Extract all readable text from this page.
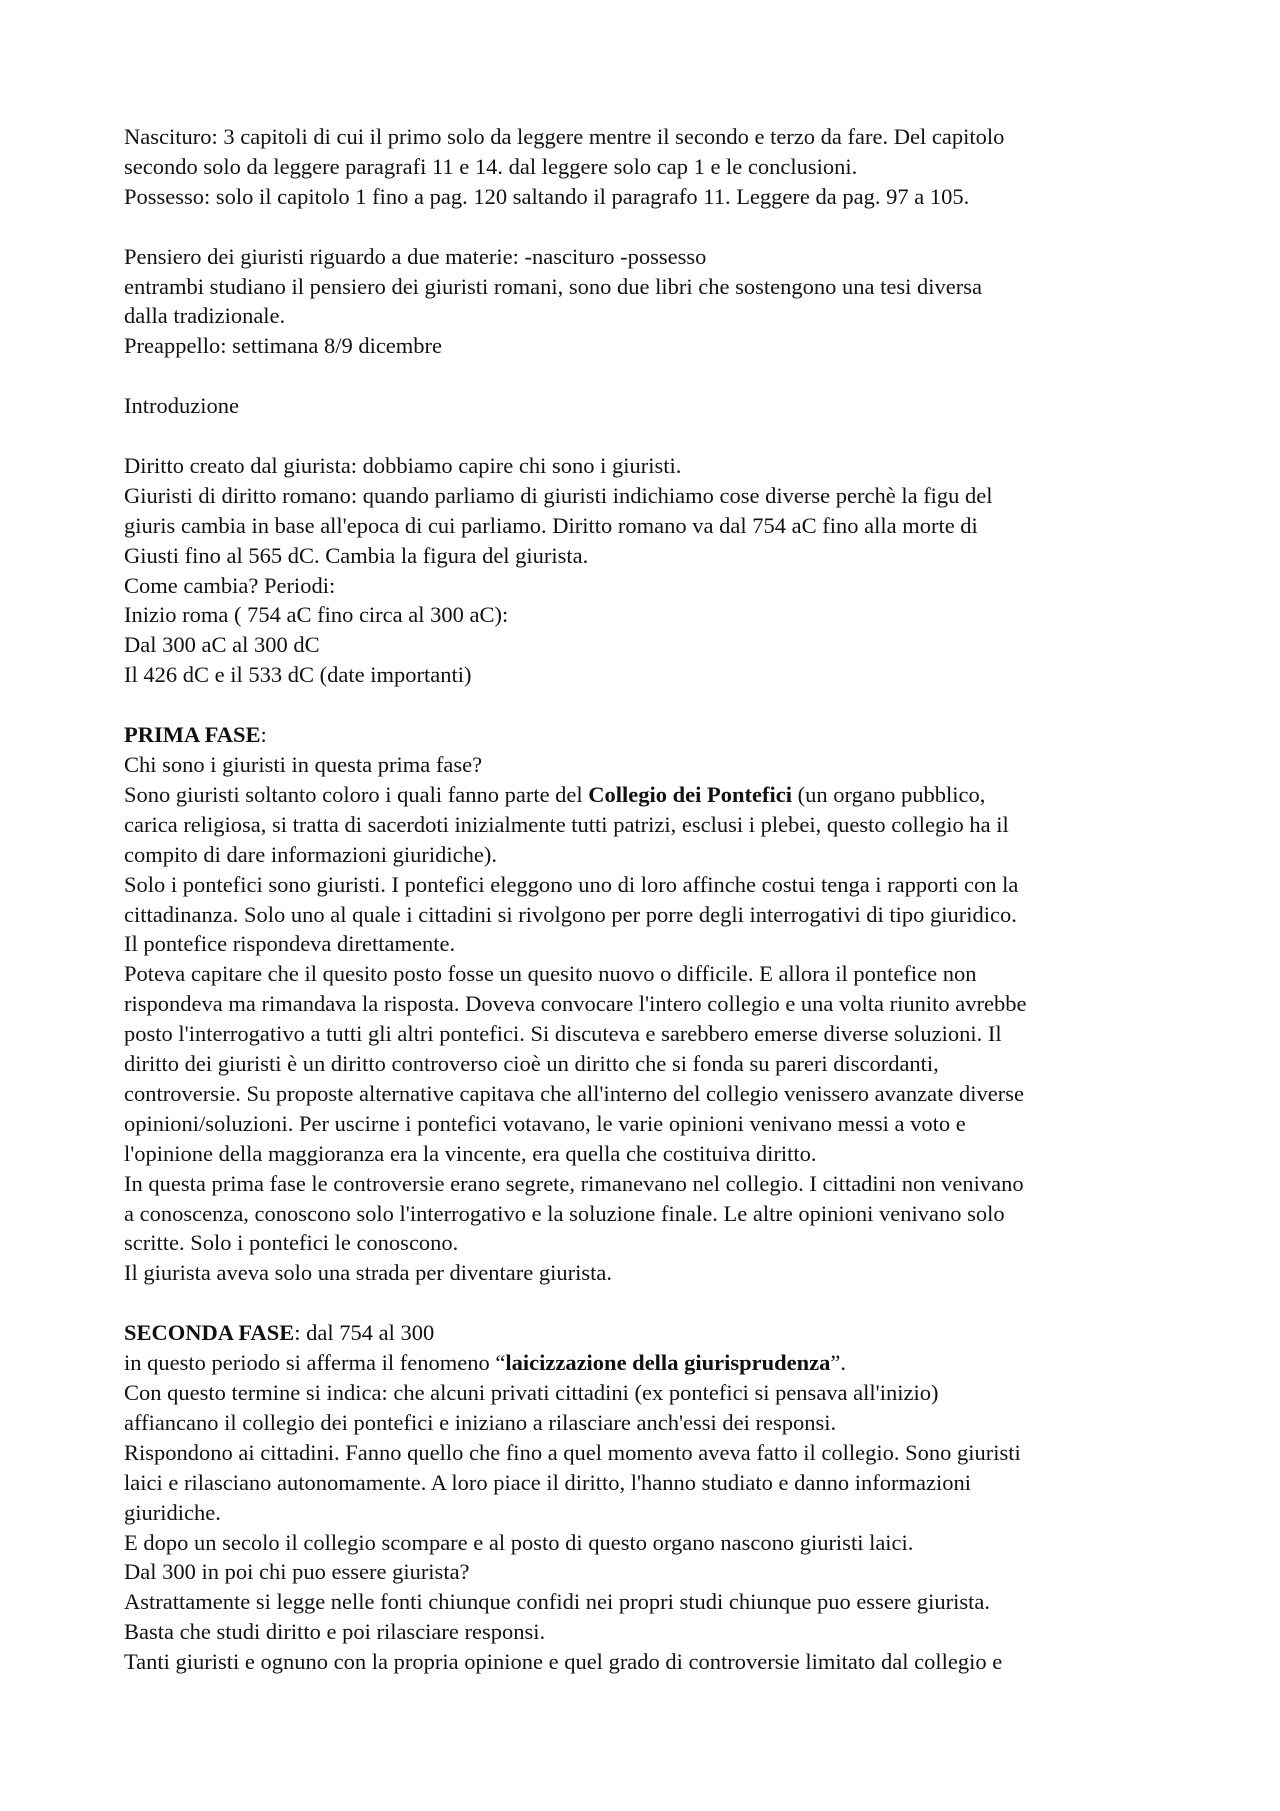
Nascituro: 3 capitoli di cui il primo solo da leggere mentre il secondo e terzo da fare. Del capitolo
secondo solo da leggere paragrafi 11 e 14. dal leggere solo cap 1 e le conclusioni.
Possesso: solo il capitolo 1 fino a pag. 120 saltando il paragrafo 11. Leggere da pag. 97 a 105.
Pensiero dei giuristi riguardo a due materie: -nascituro -possesso
entrambi studiano il pensiero dei giuristi romani, sono due libri che sostengono una tesi diversa
dalla tradizionale.
Preappello: settimana 8/9 dicembre
Introduzione
Diritto creato dal giurista: dobbiamo capire chi sono i giuristi.
Giuristi di diritto romano: quando parliamo di giuristi indichiamo cose diverse perchè la figu del
giuris cambia in base all'epoca di cui parliamo. Diritto romano va dal 754 aC fino alla morte di
Giusti fino al 565 dC. Cambia la figura del giurista.
Come cambia? Periodi:
Inizio roma ( 754 aC fino circa al 300 aC):
Dal 300 aC al 300 dC
Il 426 dC e il 533 dC (date importanti)
PRIMA FASE:
Chi sono i giuristi in questa prima fase?
Sono giuristi soltanto coloro i quali fanno parte del Collegio dei Pontefici (un organo pubblico,
carica religiosa, si tratta di sacerdoti inizialmente tutti patrizi, esclusi i plebei, questo collegio ha il
compito di dare informazioni giuridiche).
Solo i pontefici sono giuristi. I pontefici eleggono uno di loro affinche costui tenga i rapporti con la
cittadinanza. Solo uno al quale i cittadini si rivolgono per porre degli interrogativi di tipo giuridico.
Il pontefice rispondeva direttamente.
Poteva capitare che il quesito posto fosse un quesito nuovo o difficile. E allora il pontefice non
rispondeva ma rimandava la risposta. Doveva convocare l'intero collegio e una volta riunito avrebbe
posto l'interrogativo a tutti gli altri pontefici. Si discuteva e sarebbero emerse diverse soluzioni. Il
diritto dei giuristi è un diritto controverso cioè un diritto che si fonda su pareri discordanti,
controversie. Su proposte alternative capitava che all'interno del collegio venissero avanzate diverse
opinioni/soluzioni. Per uscirne i pontefici votavano, le varie opinioni venivano messi a voto e
l'opinione della maggioranza era la vincente, era quella che costituiva diritto.
In questa prima fase le controversie erano segrete, rimanevano nel collegio. I cittadini non venivano
a conoscenza, conoscono solo l'interrogativo e la soluzione finale. Le altre opinioni venivano solo
scritte. Solo i pontefici le conoscono.
Il giurista aveva solo una strada per diventare giurista.
SECONDA FASE: dal 754 al 300
in questo periodo si afferma il fenomeno “laicizzazione della giurisprudenza”.
Con questo termine si indica: che alcuni privati cittadini (ex pontefici si pensava all'inizio)
affiancano il collegio dei pontefici e iniziano a rilasciare anch'essi dei responsi.
Rispondono ai cittadini. Fanno quello che fino a quel momento aveva fatto il collegio. Sono giuristi
laici e rilasciano autonomamente. A loro piace il diritto, l'hanno studiato e danno informazioni
giuridiche.
E dopo un secolo il collegio scompare e al posto di questo organo nascono giuristi laici.
Dal 300 in poi chi puo essere giurista?
Astrattamente si legge nelle fonti chiunque confidi nei propri studi chiunque puo essere giurista.
Basta che studi diritto e poi rilasciare responsi.
Tanti giuristi e ognuno con la propria opinione e quel grado di controversie limitato dal collegio e
